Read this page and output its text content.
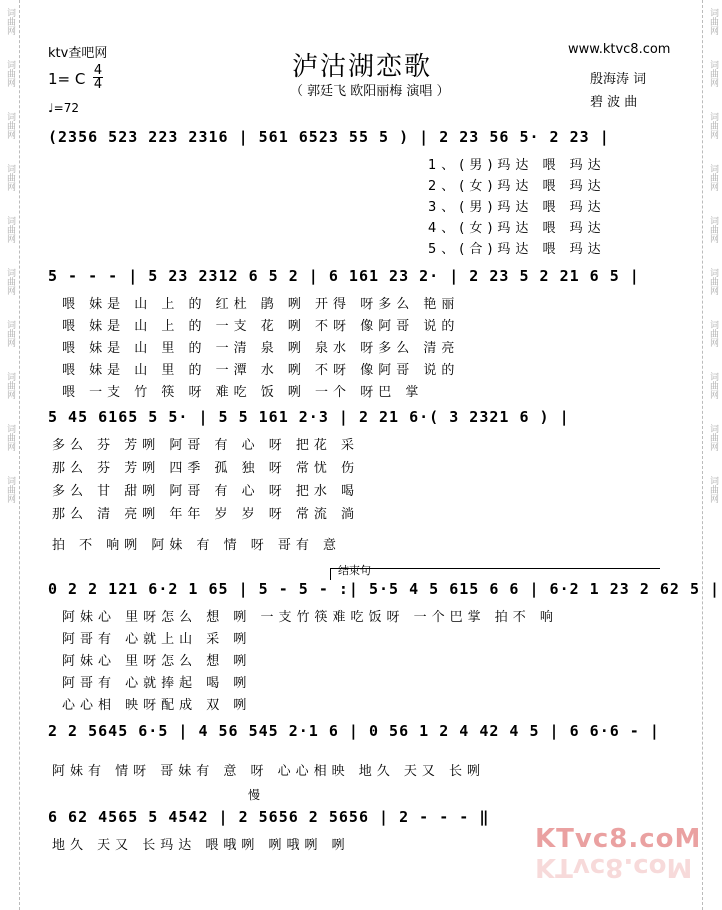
词曲网
词曲网
词曲网
词曲网
词曲网
词曲网
词曲网
词曲网
词曲网
词曲网
词曲网
词曲网
词曲网
词曲网
词曲网
词曲网
词曲网
词曲网
词曲网
词曲网
ktv查吧网	www.ktvc8.com
泸沽湖恋歌
（ 郭廷飞 欧阳丽梅 演唱 ）
1= C 4
4
♩=72
殷海涛 词
碧 波 曲
(2356 523 223 2316 | 561 6523 55 5 ) | 2 23 56 5· 2 23 |
1、(男)玛达 喂 玛达
2、(女)玛达 喂 玛达
3、(男)玛达 喂 玛达
4、(女)玛达 喂 玛达
5、(合)玛达 喂 玛达
5 - - - | 5 23 2312 6 5 2 | 6 161 23 2· | 2 23 5 2 21 6 5 |
喂 妹是 山 上 的 红杜 鹃 咧 开得 呀多么 艳丽
喂 妹是 山 上 的 一支 花 咧 不呀 像阿哥 说的
喂 妹是 山 里 的 一清 泉 咧 泉水 呀多么 清亮
喂 妹是 山 里 的 一潭 水 咧 不呀 像阿哥 说的
喂 一支 竹 筷 呀 难吃 饭 咧 一个 呀巴 掌
5 45 6165 5 5· | 5 5 161 2·3 | 2 21 6·( 3 2321 6 ) |
多么 芬 芳咧 阿哥 有 心 呀 把花 采
那么 芬 芳咧 四季 孤 独 呀 常忧 伤
多么 甘 甜咧 阿哥 有 心 呀 把水 喝
那么 清 亮咧 年年 岁 岁 呀 常流 淌
拍 不 响咧 阿妹 有 情 呀 哥有 意
结束句
0 2 2 121 6·2 1 65 | 5 - 5 - :| 5·5 4 5 615 6 6 | 6·2 1 23 2 62 5 |
阿妹心 里呀怎么 想 咧 一支竹筷难吃饭呀 一个巴掌 拍不 响
阿哥有 心就上山 采 咧
阿妹心 里呀怎么 想 咧
阿哥有 心就捧起 喝 咧
心心相 映呀配成 双 咧
2 2 5645 6·5 | 4 56 545 2·1 6 | 0 56 1 2 4 42 4 5 | 6 6·6 - |
阿妹有 情呀 哥妹有 意 呀 心心相映 地久 天又 长咧
慢
6 62 4565 5 4542 | 2 5656 2 5656 | 2 - - - ‖
地久 天又 长玛达 喂哦咧 咧哦咧 咧	KTvc8.coM
KTvc8.coM
